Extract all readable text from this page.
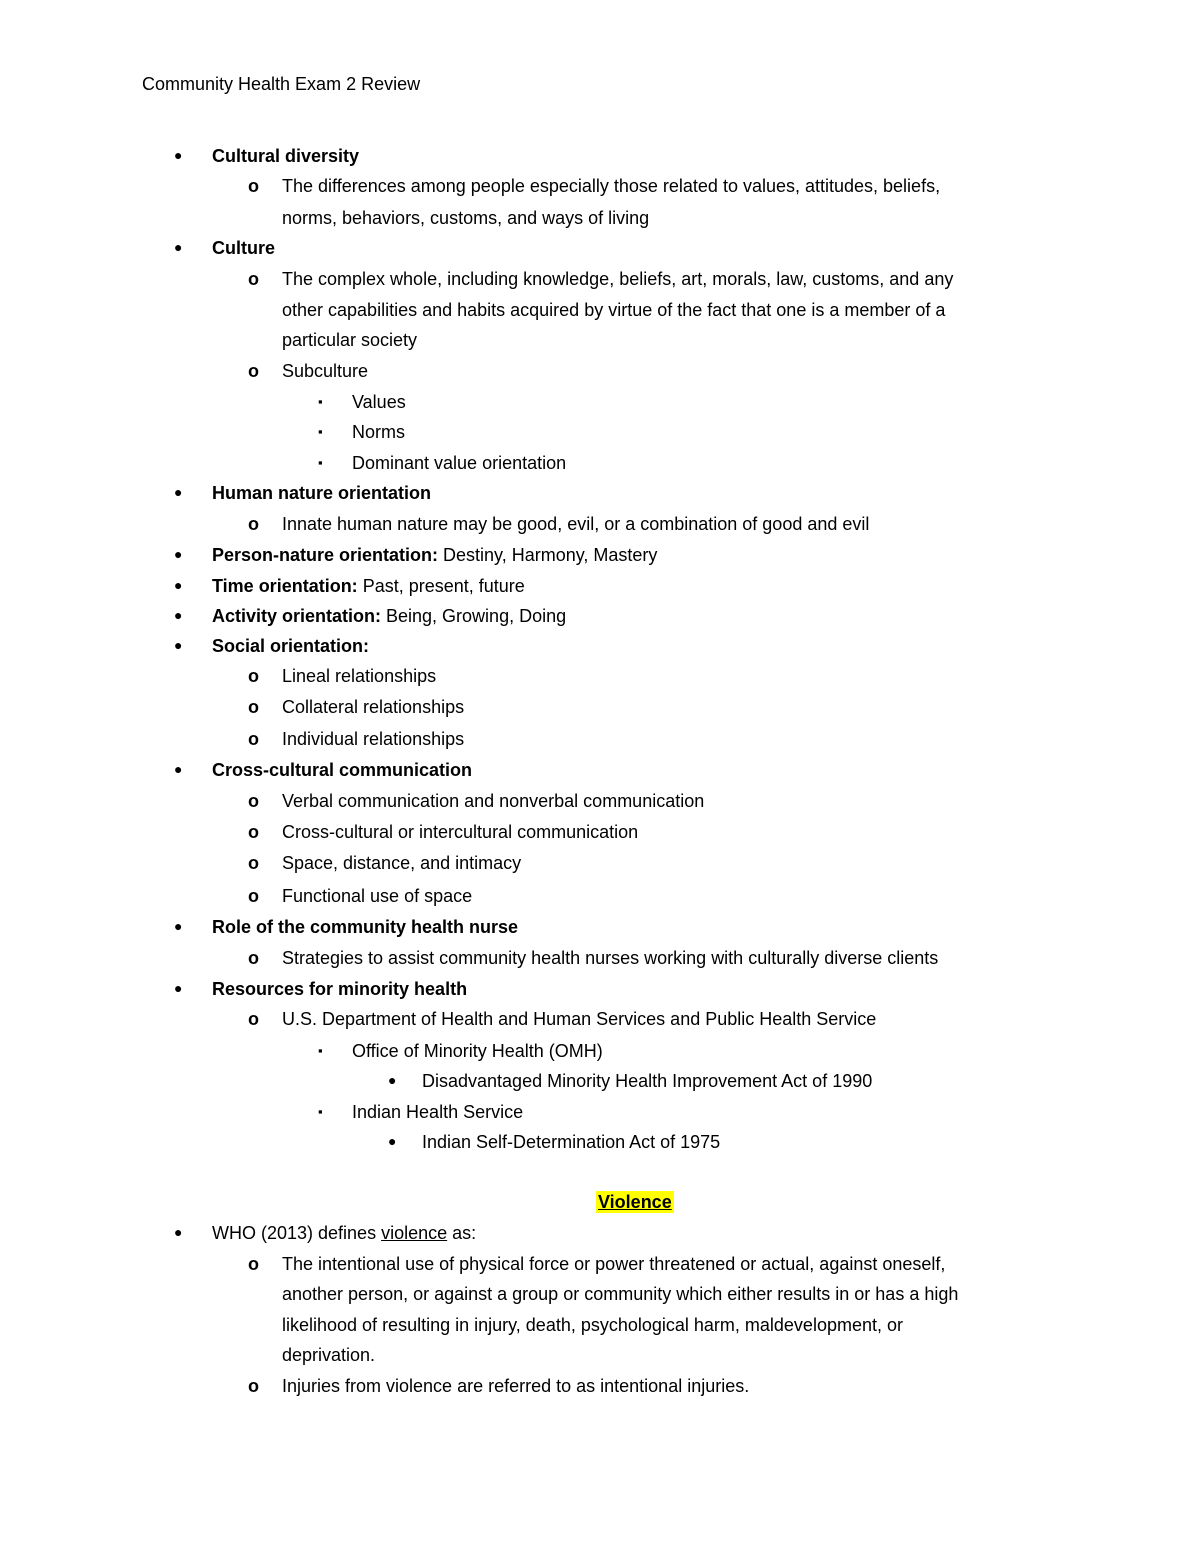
Community Health Exam 2 Review
● Cultural diversity
o The differences among people especially those related to values, attitudes, beliefs,
norms, behaviors, customs, and ways of living
● Culture
o The complex whole, including knowledge, beliefs, art, morals, law, customs, and any
other capabilities and habits acquired by virtue of the fact that one is a member of a
particular society
o Subculture
▪ Values
▪ Norms
▪ Dominant value orientation
● Human nature orientation
o Innate human nature may be good, evil, or a combination of good and evil
● Person-nature orientation: Destiny, Harmony, Mastery
● Time orientation: Past, present, future
● Activity orientation: Being, Growing, Doing
● Social orientation:
o Lineal relationships
o Collateral relationships
o Individual relationships
● Cross-cultural communication
o Verbal communication and nonverbal communication
o Cross-cultural or intercultural communication
o Space, distance, and intimacy
o Functional use of space
● Role of the community health nurse
o Strategies to assist community health nurses working with culturally diverse clients
● Resources for minority health
o U.S. Department of Health and Human Services and Public Health Service
▪ Office of Minority Health (OMH)
● Disadvantaged Minority Health Improvement Act of 1990
▪ Indian Health Service
● Indian Self-Determination Act of 1975
Violence
● WHO (2013) defines violence as:
o The intentional use of physical force or power threatened or actual, against oneself,
another person, or against a group or community which either results in or has a high
likelihood of resulting in injury, death, psychological harm, maldevelopment, or
deprivation.
o Injuries from violence are referred to as intentional injuries.
